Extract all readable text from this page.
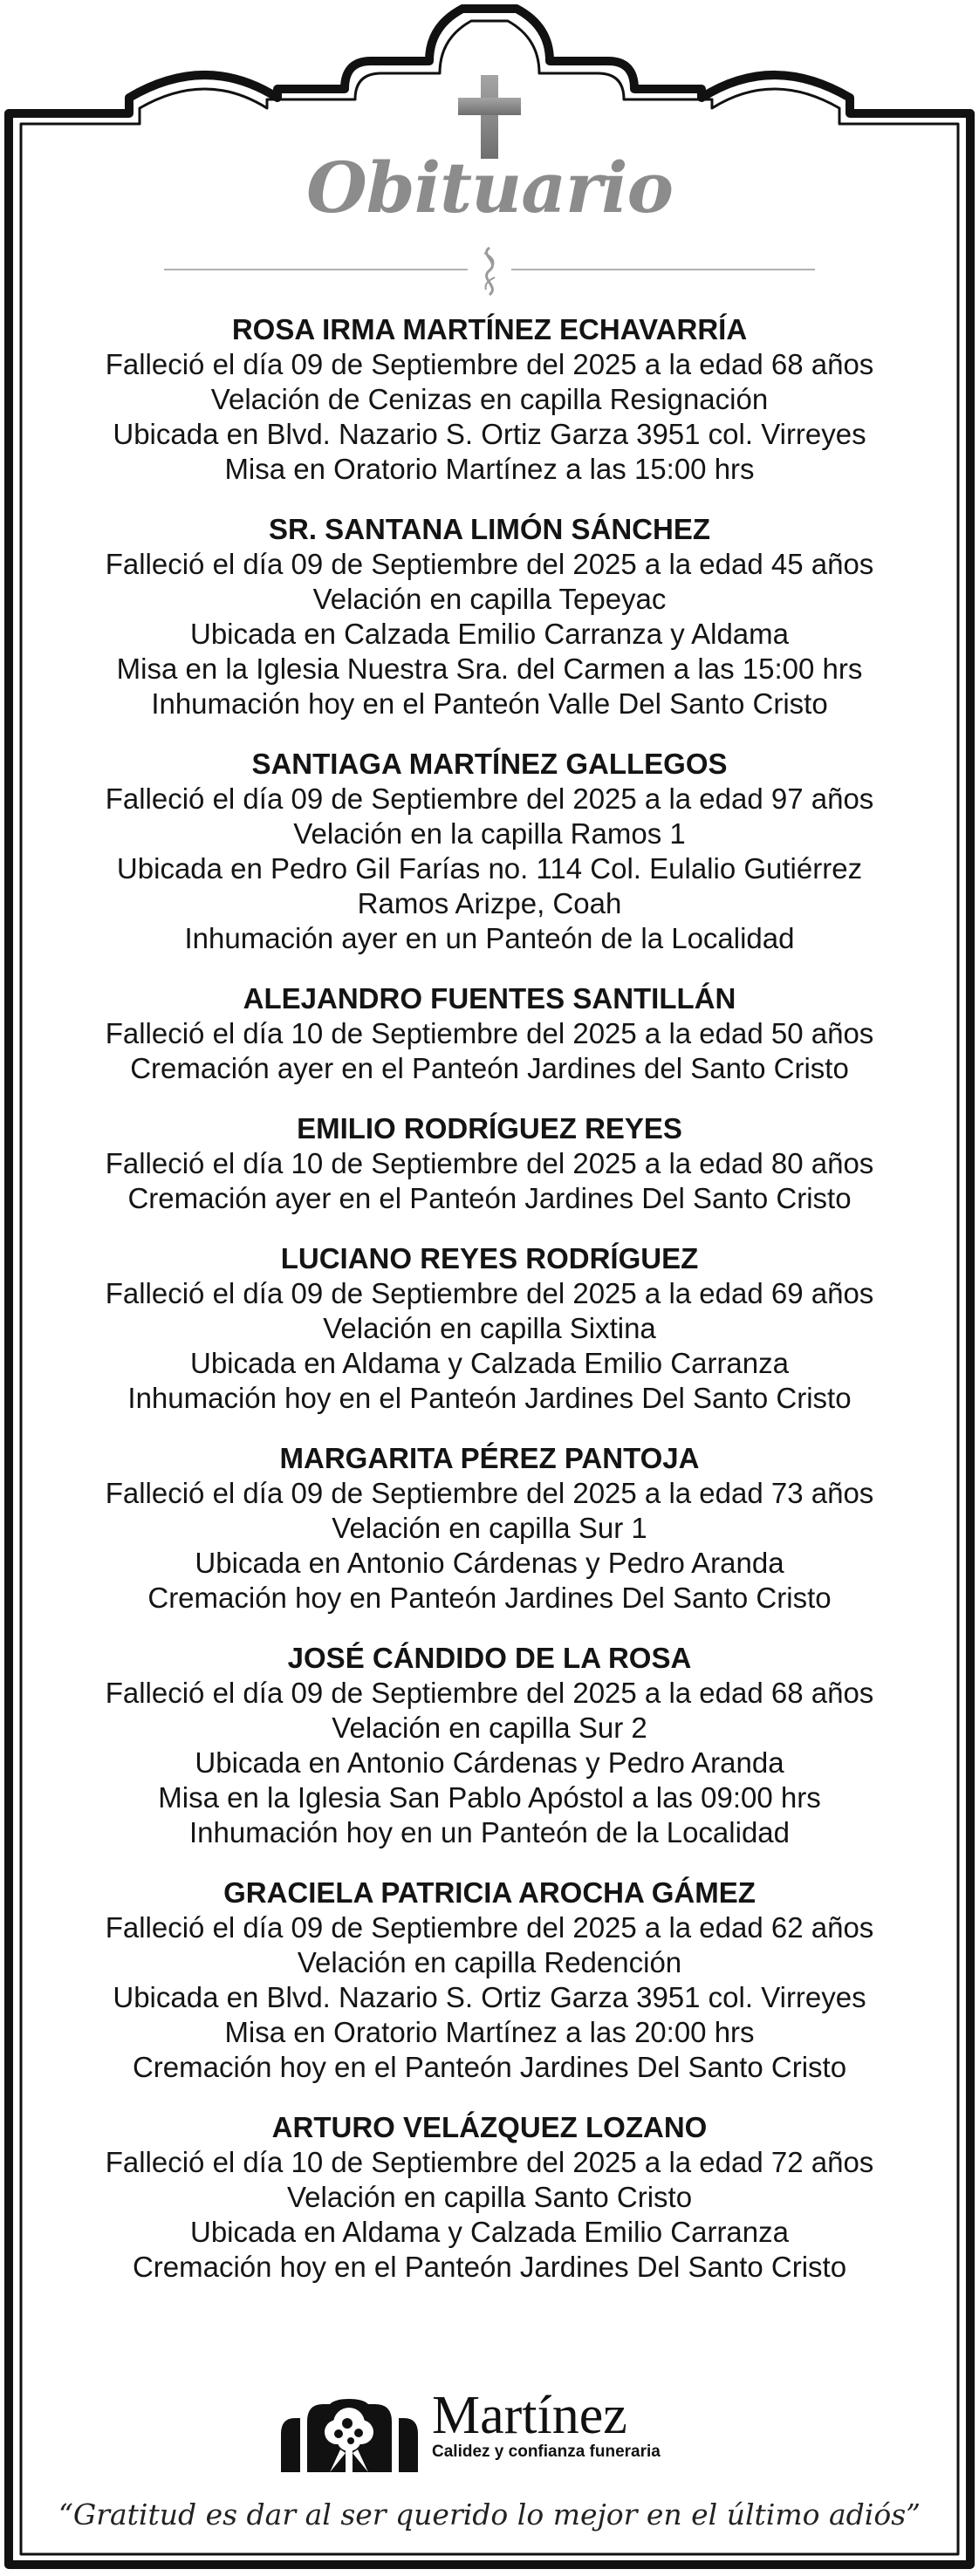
Obituario
ROSA IRMA MARTÍNEZ ECHAVARRÍA
Falleció el día 09 de Septiembre del 2025 a la edad 68 años
Velación de Cenizas en capilla Resignación
Ubicada en Blvd. Nazario S. Ortiz Garza 3951 col. Virreyes
Misa en Oratorio Martínez a las 15:00 hrs
SR. SANTANA LIMÓN SÁNCHEZ
Falleció el día 09 de Septiembre del 2025 a la edad 45 años
Velación en capilla Tepeyac
Ubicada en Calzada Emilio Carranza y Aldama
Misa en la Iglesia Nuestra Sra. del Carmen a las 15:00 hrs
Inhumación hoy en el Panteón Valle Del Santo Cristo
SANTIAGA MARTÍNEZ GALLEGOS
Falleció el día 09 de Septiembre del 2025 a la edad 97 años
Velación en la capilla Ramos 1
Ubicada en Pedro Gil Farías no. 114 Col. Eulalio Gutiérrez
Ramos Arizpe, Coah
Inhumación ayer en un Panteón de la Localidad
ALEJANDRO FUENTES SANTILLÁN
Falleció el día 10 de Septiembre del 2025 a la edad 50 años
Cremación ayer en el Panteón Jardines del Santo Cristo
EMILIO RODRÍGUEZ REYES
Falleció el día 10 de Septiembre del 2025 a la edad 80 años
Cremación ayer en el Panteón Jardines Del Santo Cristo
LUCIANO REYES RODRÍGUEZ
Falleció el día 09 de Septiembre del 2025 a la edad 69 años
Velación en capilla Sixtina
Ubicada en Aldama y Calzada Emilio Carranza
Inhumación hoy en el Panteón Jardines Del Santo Cristo
MARGARITA PÉREZ PANTOJA
Falleció el día 09 de Septiembre del 2025 a la edad 73 años
Velación en capilla Sur 1
Ubicada en Antonio Cárdenas y Pedro Aranda
Cremación hoy en Panteón Jardines Del Santo Cristo
JOSÉ CÁNDIDO DE LA ROSA
Falleció el día 09 de Septiembre del 2025 a la edad 68 años
Velación en capilla Sur 2
Ubicada en Antonio Cárdenas y Pedro Aranda
Misa en la Iglesia San Pablo Apóstol a las 09:00 hrs
Inhumación hoy en un Panteón de la Localidad
GRACIELA PATRICIA AROCHA GÁMEZ
Falleció el día 09 de Septiembre del 2025 a la edad 62 años
Velación en capilla Redención
Ubicada en Blvd. Nazario S. Ortiz Garza 3951 col. Virreyes
Misa en Oratorio Martínez a las 20:00 hrs
Cremación hoy en el Panteón Jardines Del Santo Cristo
ARTURO VELÁZQUEZ LOZANO
Falleció el día 10 de Septiembre del 2025 a la edad 72 años
Velación en capilla Santo Cristo
Ubicada en Aldama y Calzada Emilio Carranza
Cremación hoy en el Panteón Jardines Del Santo Cristo
Martínez
Calidez y confianza funeraria
“Gratitud es dar al ser querido lo mejor en el último adiós”
